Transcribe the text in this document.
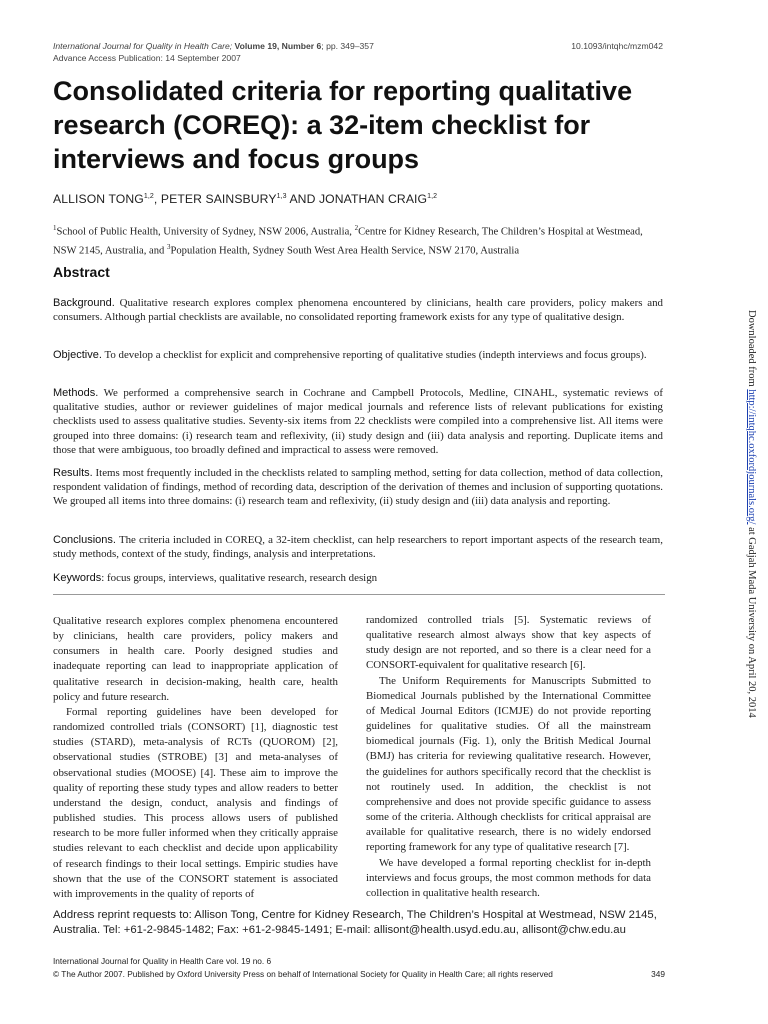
International Journal for Quality in Health Care; Volume 19, Number 6; pp. 349–357	10.1093/intqhc/mzm042
Advance Access Publication: 14 September 2007
Consolidated criteria for reporting qualitative research (COREQ): a 32-item checklist for interviews and focus groups
ALLISON TONG$^{1,2}$, PETER SAINSBURY$^{1,3}$ AND JONATHAN CRAIG$^{1,2}$
$^1$School of Public Health, University of Sydney, NSW 2006, Australia, $^2$Centre for Kidney Research, The Children’s Hospital at Westmead, NSW 2145, Australia, and $^3$Population Health, Sydney South West Area Health Service, NSW 2170, Australia
Abstract

Background. Qualitative research explores complex phenomena encountered by clinicians, health care providers, policy makers and consumers. Although partial checklists are available, no consolidated reporting framework exists for any type of qualitative design.

Objective. To develop a checklist for explicit and comprehensive reporting of qualitative studies (indepth interviews and focus groups).

Methods. We performed a comprehensive search in Cochrane and Campbell Protocols, Medline, CINAHL, systematic reviews of qualitative studies, author or reviewer guidelines of major medical journals and reference lists of relevant publications for existing checklists used to assess qualitative studies. Seventy-six items from 22 checklists were compiled into a comprehensive list. All items were grouped into three domains: (i) research team and reflexivity, (ii) study design and (iii) data analysis and reporting. Duplicate items and those that were ambiguous, too broadly defined and impractical to assess were removed.

Results. Items most frequently included in the checklists related to sampling method, setting for data collection, method of data collection, respondent validation of findings, method of recording data, description of the derivation of themes and inclusion of supporting quotations. We grouped all items into three domains: (i) research team and reflexivity, (ii) study design and (iii) data analysis and reporting.

Conclusions. The criteria included in COREQ, a 32-item checklist, can help researchers to report important aspects of the research team, study methods, context of the study, findings, analysis and interpretations.

Keywords: focus groups, interviews, qualitative research, research design

Qualitative research explores complex phenomena encountered by clinicians, health care providers, policy makers and consumers in health care. Poorly designed studies and inadequate reporting can lead to inappropriate application of qualitative research in decision-making, health care, health policy and future research.

Formal reporting guidelines have been developed for randomized controlled trials (CONSORT) [1], diagnostic test studies (STARD), meta-analysis of RCTs (QUOROM) [2], observational studies (STROBE) [3] and meta-analyses of observational studies (MOOSE) [4]. These aim to improve the quality of reporting these study types and allow readers to better understand the design, conduct, analysis and findings of published studies. This process allows users of published research to be more fuller informed when they critically appraise studies relevant to each checklist and decide upon applicability of research findings to their local settings. Empiric studies have shown that the use of the CONSORT statement is associated with improvements in the quality of reports of

randomized controlled trials [5]. Systematic reviews of qualitative research almost always show that key aspects of study design are not reported, and so there is a clear need for a CONSORT-equivalent for qualitative research [6].

The Uniform Requirements for Manuscripts Submitted to Biomedical Journals published by the International Committee of Medical Journal Editors (ICMJE) do not provide reporting guidelines for qualitative studies. Of all the mainstream biomedical journals (Fig. 1), only the British Medical Journal (BMJ) has criteria for reviewing qualitative research. However, the guidelines for authors specifically record that the checklist is not routinely used. In addition, the checklist is not comprehensive and does not provide specific guidance to assess some of the criteria. Although checklists for critical appraisal are available for qualitative research, there is no widely endorsed reporting framework for any type of qualitative research [7].

We have developed a formal reporting checklist for in-depth interviews and focus groups, the most common methods for data collection in qualitative health research.

Address reprint requests to: Allison Tong, Centre for Kidney Research, The Children’s Hospital at Westmead, NSW 2145, Australia. Tel: +61-2-9845-1482; Fax: +61-2-9845-1491; E-mail: allisont@health.usyd.edu.au, allisont@chw.edu.au

International Journal for Quality in Health Care vol. 19 no. 6
© The Author 2007. Published by Oxford University Press on behalf of International Society for Quality in Health Care; all rights reserved	349
Downloaded from http://intqhc.oxfordjournals.org/ at Gadjah Mada University on April 20, 2014
